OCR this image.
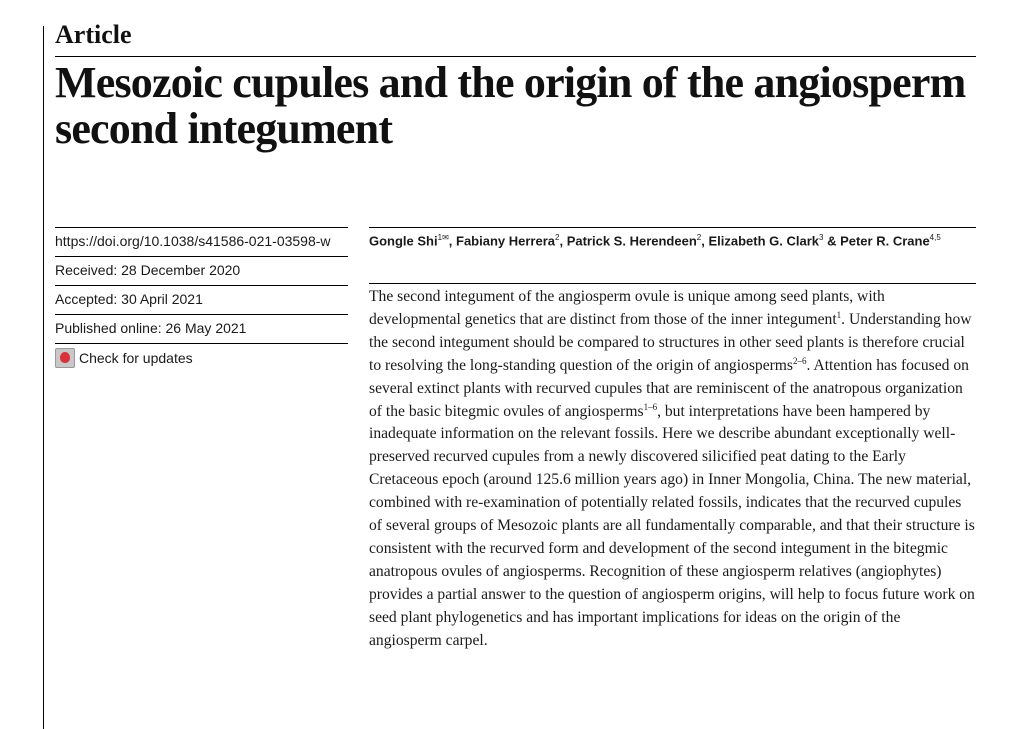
Article
Mesozoic cupules and the origin of the angiosperm second integument
https://doi.org/10.1038/s41586-021-03598-w
Received: 28 December 2020
Accepted: 30 April 2021
Published online: 26 May 2021
Check for updates
Gongle Shi$^{1✉}$, Fabiany Herrera$^2$, Patrick S. Herendeen$^2$, Elizabeth G. Clark$^3$ & Peter R. Crane$^{4,5}$

The second integument of the angiosperm ovule is unique among seed plants, with developmental genetics that are distinct from those of the inner integument$^1$. Understanding how the second integument should be compared to structures in other seed plants is therefore crucial to resolving the long-standing question of the origin of angiosperms$^{2-6}$. Attention has focused on several extinct plants with recurved cupules that are reminiscent of the anatropous organization of the basic bitegmic ovules of angiosperms$^{1-6}$, but interpretations have been hampered by inadequate information on the relevant fossils. Here we describe abundant exceptionally well-preserved recurved cupules from a newly discovered silicified peat dating to the Early Cretaceous epoch (around 125.6 million years ago) in Inner Mongolia, China. The new material, combined with re-examination of potentially related fossils, indicates that the recurved cupules of several groups of Mesozoic plants are all fundamentally comparable, and that their structure is consistent with the recurved form and development of the second integument in the bitegmic anatropous ovules of angiosperms. Recognition of these angiosperm relatives (angiophytes) provides a partial answer to the question of angiosperm origins, will help to focus future work on seed plant phylogenetics and has important implications for ideas on the origin of the angiosperm carpel.
